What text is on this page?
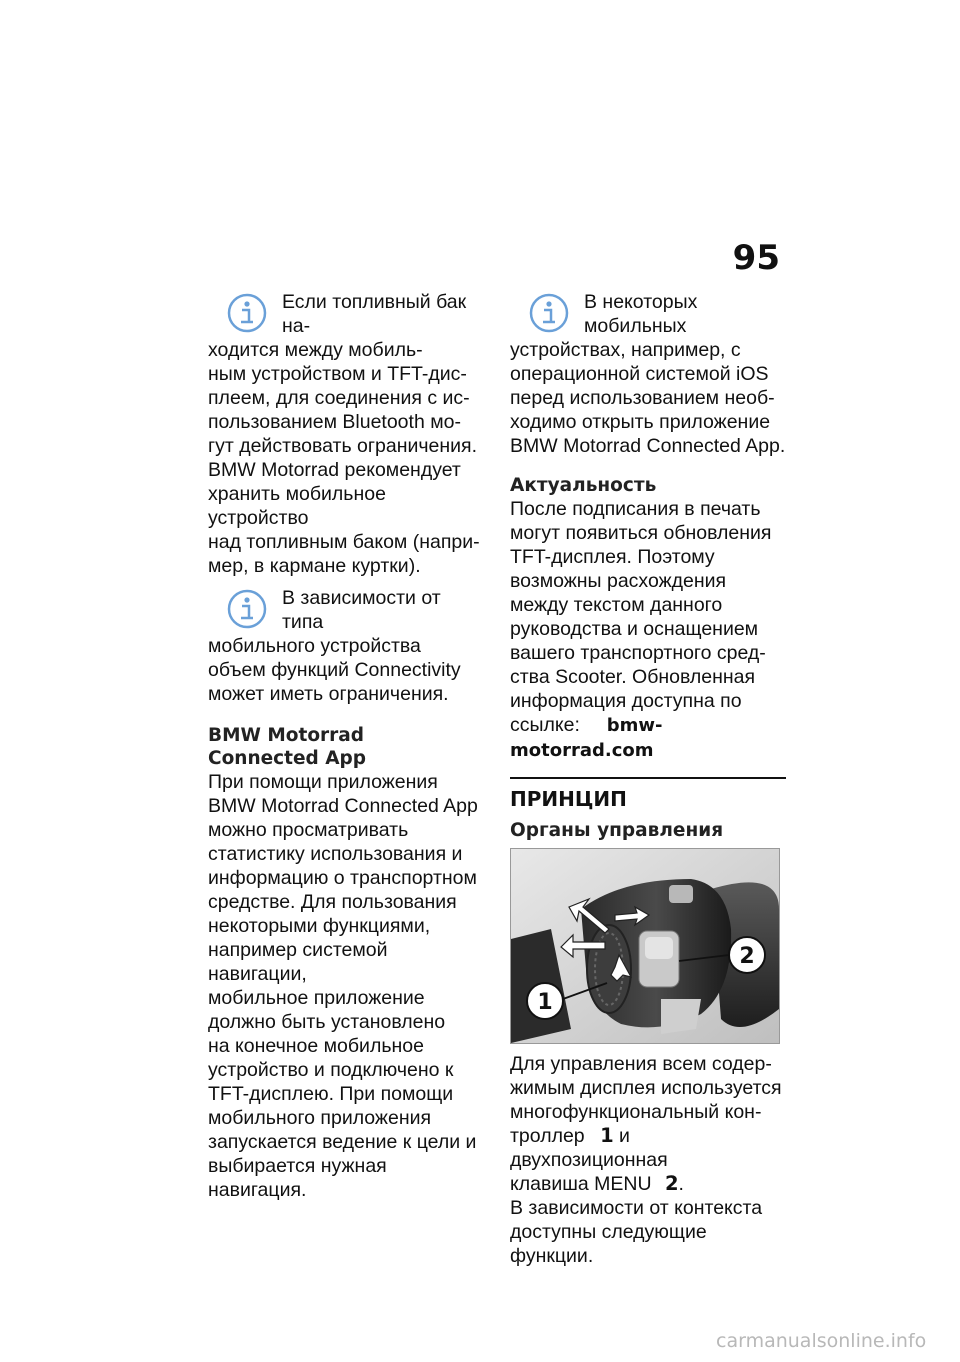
95

Если топливный бак на-
ходится между мобиль-
ным устройством и TFT-дис-
плеем, для соединения с ис-
пользованием Bluetooth мо-
гут действовать ограничения.
BMW Motorrad рекомендует
хранить мобильное устройство
над топливным баком (напри-
мер, в кармане куртки).

В зависимости от типа
мобильного устройства
объем функций Connectivity
может иметь ограничения.

BMW Motorrad
Connected App

При помощи приложения
BMW Motorrad Connected App
можно просматривать
статистику использования и
информацию о транспортном
средстве. Для пользования
некоторыми функциями,
например системой навигации,
мобильное приложение
должно быть установлено
на конечное мобильное
устройство и подключено к
TFT-дисплею. При помощи
мобильного приложения
запускается ведение к цели и
выбирается нужная навигация.

В некоторых мобильных
устройствах, например, с
операционной системой iOS
перед использованием необ-
ходимо открыть приложение
BMW Motorrad Connected App.

Актуальность

После подписания в печать
могут появиться обновления
TFT-дисплея. Поэтому
возможны расхождения
между текстом данного
руководства и оснащением
вашего транспортного сред-
ства Scooter. Обновленная
информация доступна по
ссылке: bmw-motorrad.com

ПРИНЦИП
Органы управления
1
2

Для управления всем содер-
жимым дисплея используется
многофункциональный кон-
троллер 1 и двухпозиционная
клавиша MENU 2.
В зависимости от контекста
доступны следующие функции.

carmanualsonline.info
